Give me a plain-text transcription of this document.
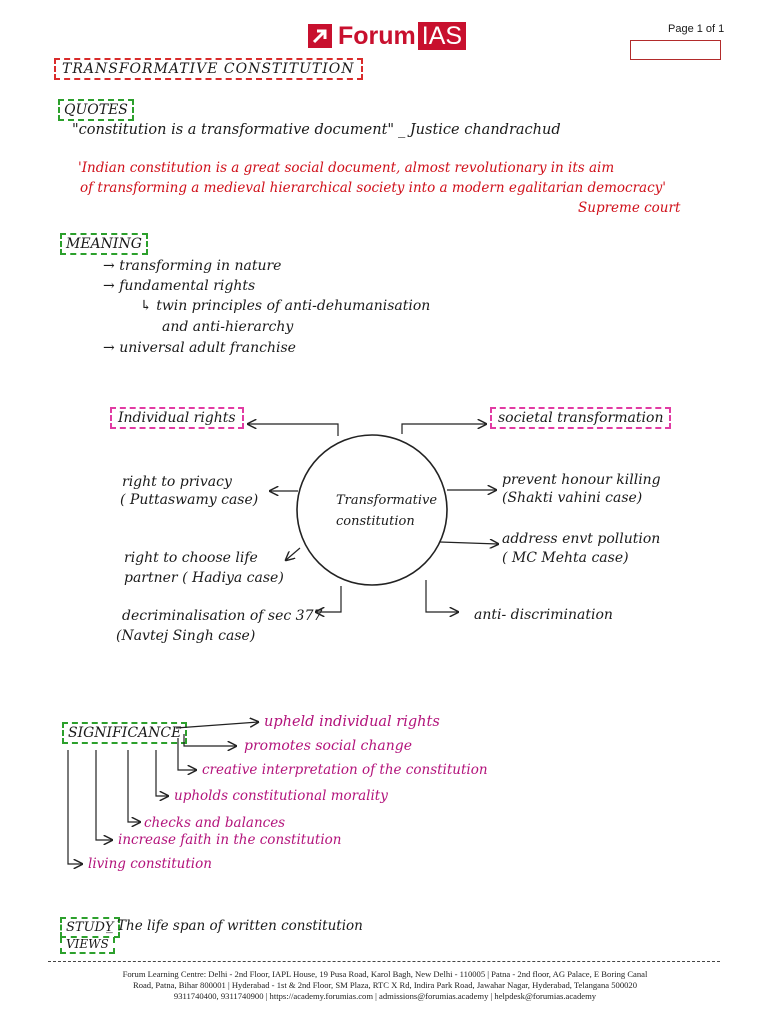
Forum IAS	Page 1 of 1
TRANSFORMATIVE CONSTITUTION
QUOTES
"constitution is a transformative document" _ Justice chandrachud
'Indian constitution is a great social document, almost revolutionary in its aim
of transforming a medieval hierarchical society into a modern egalitarian democracy'
Supreme court
MEANING
→ transforming in nature
→ fundamental rights
↳ twin principles of anti-dehumanisation
and anti-hierarchy
→ universal adult franchise
Transformative
constitution
Individual rights	societal transformation
right to privacy
( Puttaswamy case)
right to choose life
partner ( Hadiya case)
decriminalisation of sec 377
(Navtej Singh case)
prevent honour killing
(Shakti vahini case)
address envt pollution
( MC Mehta case)
anti- discrimination
SIGNIFICANCE
upheld individual rights
promotes social change
creative interpretation of the constitution
upholds constitutional morality
checks and balances
increase faith in the constitution
living constitution
STUDY
_ The life span of written constitution
VIEWS
Forum Learning Centre: Delhi - 2nd Floor, IAPL House, 19 Pusa Road, Karol Bagh, New Delhi - 110005 | Patna - 2nd floor, AG Palace, E Boring Canal
Road, Patna, Bihar 800001 | Hyderabad - 1st & 2nd Floor, SM Plaza, RTC X Rd, Indira Park Road, Jawahar Nagar, Hyderabad, Telangana 500020
9311740400, 9311740900 | https://academy.forumias.com | admissions@forumias.academy | helpdesk@forumias.academy
